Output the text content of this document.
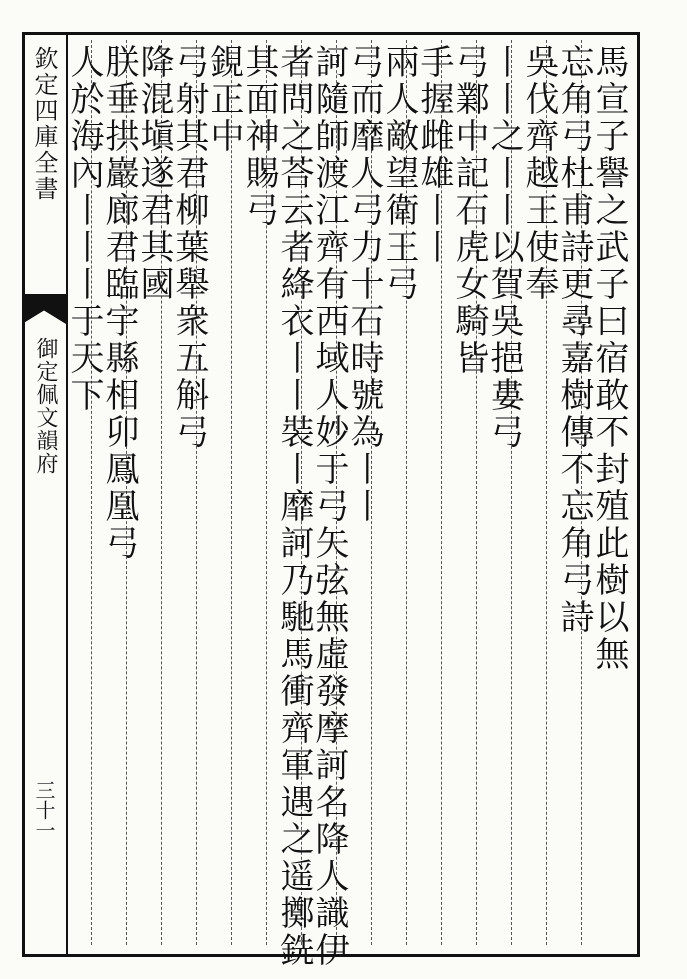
欽定四庫全書
御定佩文韻府
三十一
馬宣子譽之武子曰宿敢不封殖此樹以無
忘角弓杜甫詩更尋嘉樹傳不忘角弓詩
吳伐齊越王使奉
丨丨之丨丨以賀吳挹婁弓
弓鄴中記石虎女騎皆
手握雌雄丨丨
兩人敵望衛王弓
弓而靡人弓力十石時號為丨丨
訶隨師渡江齊有西域人妙于弓矢弦無虛發摩訶名降人識伊
者問之荅云者絳衣丨丨裝丨靡訶乃馳馬衝齊軍遇之遥擲銑
其面神賜弓
鋧正中
弓射其君柳葉舉衆五斛弓
降混塡遂君其國
朕垂拱巖廊君臨宇縣相卯鳳凰弓
人於海內丨丨丨于天下
